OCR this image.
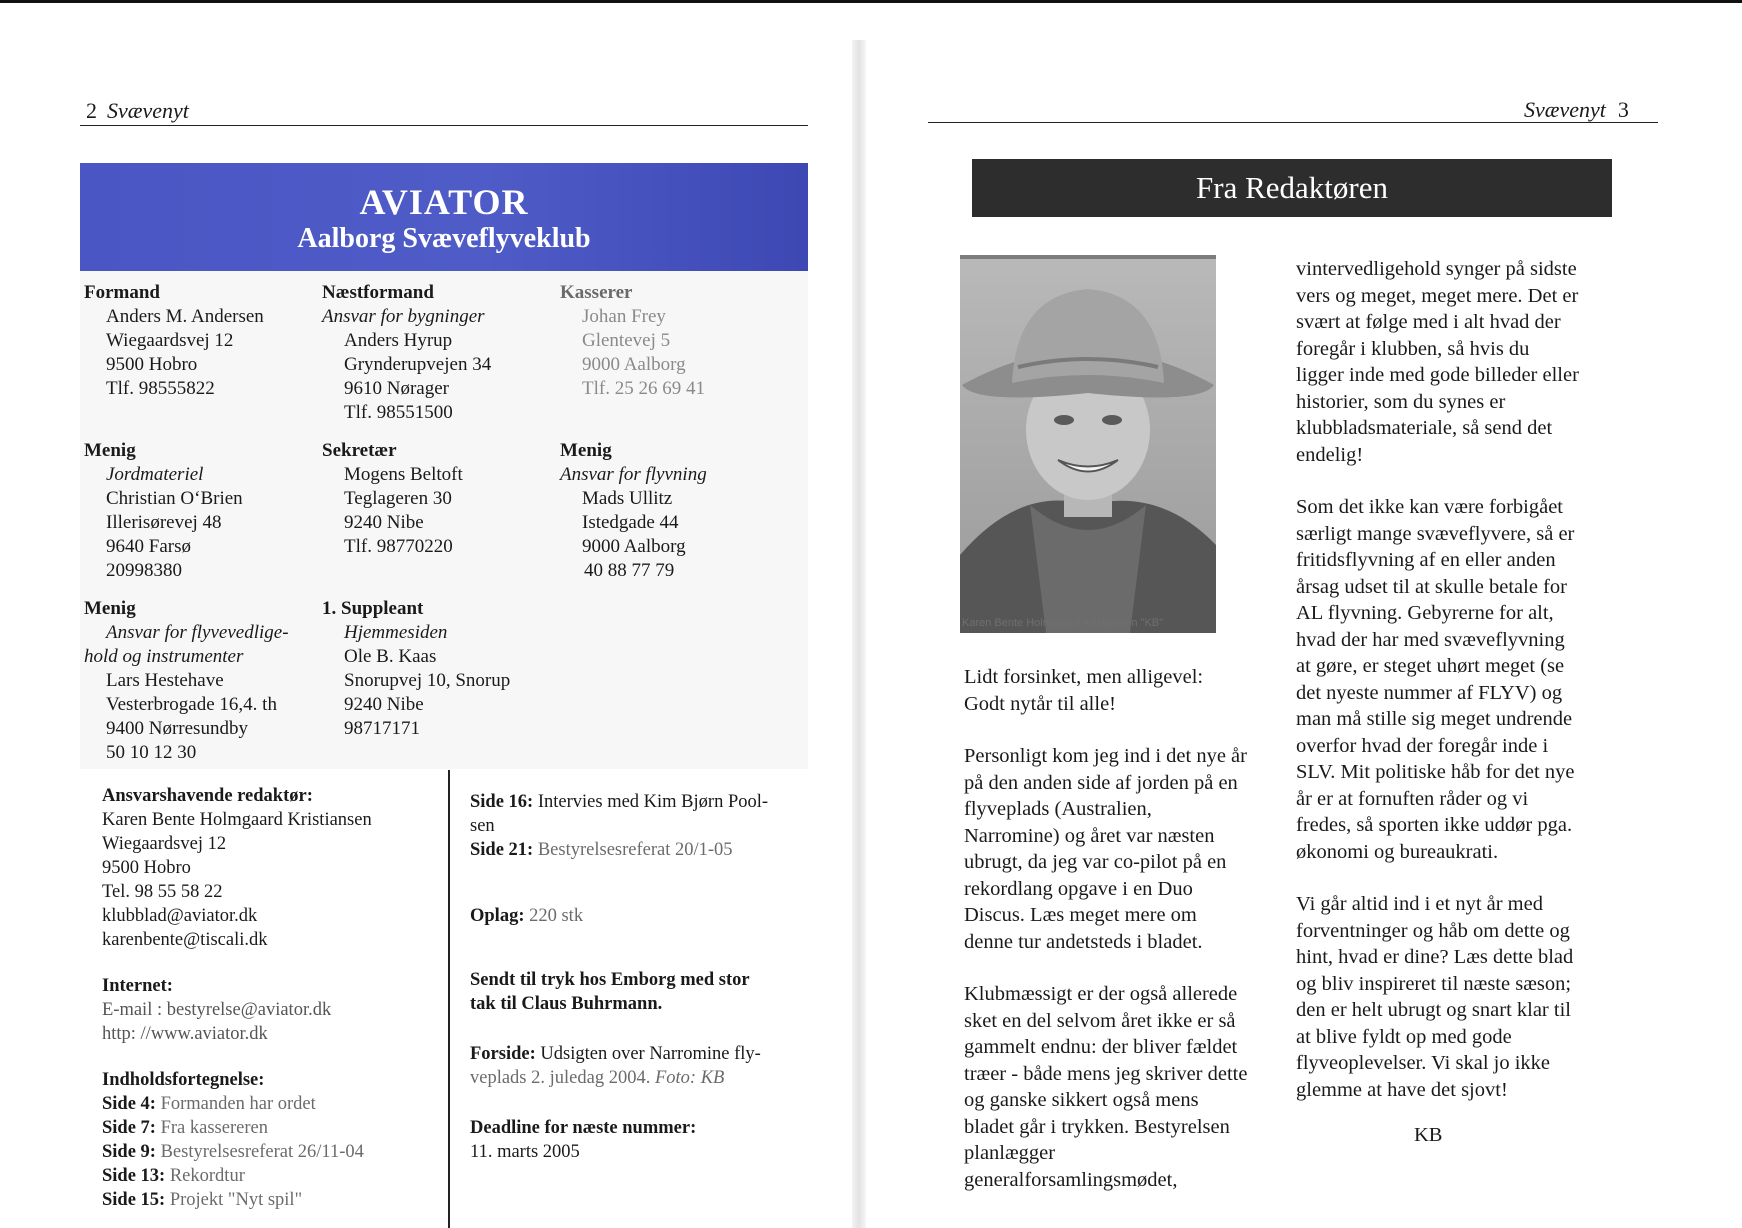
2 Svævenyt
AVIATOR
Aalborg Svæveflyveklub
Formand
Anders M. Andersen
Wiegaardsvej 12
9500 Hobro
Tlf. 98555822
Menig
Jordmateriel
Christian O‘Brien
Illerisørevej 48
9640 Farsø
20998380
Menig
Ansvar for flyvevedlige-
hold og instrumenter
Lars Hestehave
Vesterbrogade 16,4. th
9400 Nørresundby
50 10 12 30
Næstformand
Ansvar for bygninger
Anders Hyrup
Grynderupvejen 34
9610 Nørager
Tlf. 98551500
Sekretær
Mogens Beltoft
Teglageren 30
9240 Nibe
Tlf. 98770220
1. Suppleant
Hjemmesiden
Ole B. Kaas
Snorupvej 10, Snorup
9240 Nibe
98717171
Kasserer
Johan Frey
Glentevej 5
9000 Aalborg
Tlf. 25 26 69 41
Menig
Ansvar for flyvning
Mads Ullitz
Istedgade 44
9000 Aalborg
40 88 77 79
Ansvarshavende redaktør:
Karen Bente Holmgaard Kristiansen
Wiegaardsvej 12
9500 Hobro
Tel. 98 55 58 22
klubblad@aviator.dk
karenbente@tiscali.dk
Internet:
E-mail : bestyrelse@aviator.dk
http: //www.aviator.dk
Indholdsfortegnelse:
Side 4: Formanden har ordet
Side 7: Fra kassereren
Side 9: Bestyrelsesreferat 26/11-04
Side 13: Rekordtur
Side 15: Projekt "Nyt spil"
Side 16: Intervies med Kim Bjørn Pool-
sen
Side 21: Bestyrelsesreferat 20/1-05
Oplag: 220 stk
Sendt til tryk hos Emborg med stor
tak til Claus Buhrmann.
Forside: Udsigten over Narromine fly-
veplads 2. juledag 2004. Foto: KB
Deadline for næste nummer:
11. marts 2005
Svævenyt 3
Fra Redaktøren
Karen Bente Holmgaard Kristiansen "KB"

Lidt forsinket, men alligevel:
Godt nytår til alle!

Personligt kom jeg ind i det nye år
på den anden side af jorden på en
flyveplads (Australien,
Narromine) og året var næsten
ubrugt, da jeg var co-pilot på en
rekordlang opgave i en Duo
Discus. Læs meget mere om
denne tur andetsteds i bladet.

Klubmæssigt er der også allerede
sket en del selvom året ikke er så
gammelt endnu: der bliver fældet
træer - både mens jeg skriver dette
og ganske sikkert også mens
bladet går i trykken. Bestyrelsen
planlægger
generalforsamlingsmødet,

vintervedligehold synger på sidste
vers og meget, meget mere. Det er
svært at følge med i alt hvad der
foregår i klubben, så hvis du
ligger inde med gode billeder eller
historier, som du synes er
klubbladsmateriale, så send det
endelig!

Som det ikke kan være forbigået
særligt mange svæveflyvere, så er
fritidsflyvning af en eller anden
årsag udset til at skulle betale for
AL flyvning. Gebyrerne for alt,
hvad der har med svæveflyvning
at gøre, er steget uhørt meget (se
det nyeste nummer af FLYV) og
man må stille sig meget undrende
overfor hvad der foregår inde i
SLV. Mit politiske håb for det nye
år er at fornuften råder og vi
fredes, så sporten ikke uddør pga.
økonomi og bureaukrati.

Vi går altid ind i et nyt år med
forventninger og håb om dette og
hint, hvad er dine? Læs dette blad
og bliv inspireret til næste sæson;
den er helt ubrugt og snart klar til
at blive fyldt op med gode
flyveoplevelser. Vi skal jo ikke
glemme at have det sjovt!

KB
